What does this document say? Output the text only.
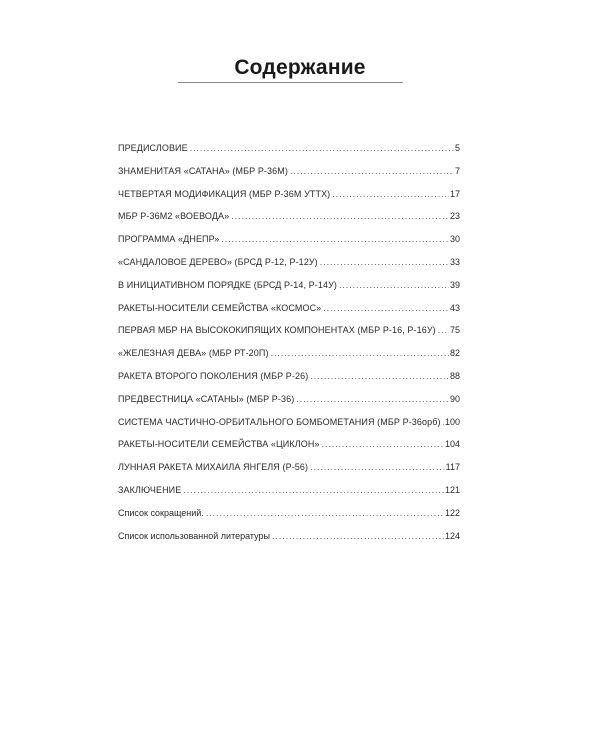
Содержание
ПРЕДИСЛОВИЕ . . .	5
ЗНАМЕНИТАЯ «САТАНА» (МБР Р-36М) . . .	7
ЧЕТВЕРТАЯ МОДИФИКАЦИЯ (МБР Р-36М УТТХ) . . .	17
МБР Р-36М2 «ВОЕВОДА» . . .	23
ПРОГРАММА «ДНЕПР» . . .	30
«САНДАЛОВОЕ ДЕРЕВО» (БРСД Р-12, Р-12У) . . .	33
В ИНИЦИАТИВНОМ ПОРЯДКЕ (БРСД Р-14, Р-14У) . . .	39
РАКЕТЫ-НОСИТЕЛИ СЕМЕЙСТВА «КОСМОС» . . .	43
ПЕРВАЯ МБР НА ВЫСОКОКИПЯЩИХ КОМПОНЕНТАХ (МБР Р-16, Р-16У) . . . 75
«ЖЕЛЕЗНАЯ ДЕВА» (МБР РТ-20П) . . .	82
РАКЕТА ВТОРОГО ПОКОЛЕНИЯ (МБР Р-26) . . .	88
ПРЕДВЕСТНИЦА «САТАНЫ» (МБР Р-36) . . .	90
СИСТЕМА ЧАСТИЧНО-ОРБИТАЛЬНОГО БОМБОМЕТАНИЯ (МБР Р-36орб) . . . 100
РАКЕТЫ-НОСИТЕЛИ СЕМЕЙСТВА «ЦИКЛОН» . . .	104
ЛУННАЯ РАКЕТА МИХАИЛА ЯНГЕЛЯ (Р-56) . . .	117
ЗАКЛЮЧЕНИЕ . . .	121
Список сокращений. . . .	122
Список использованной литературы . . .	124
